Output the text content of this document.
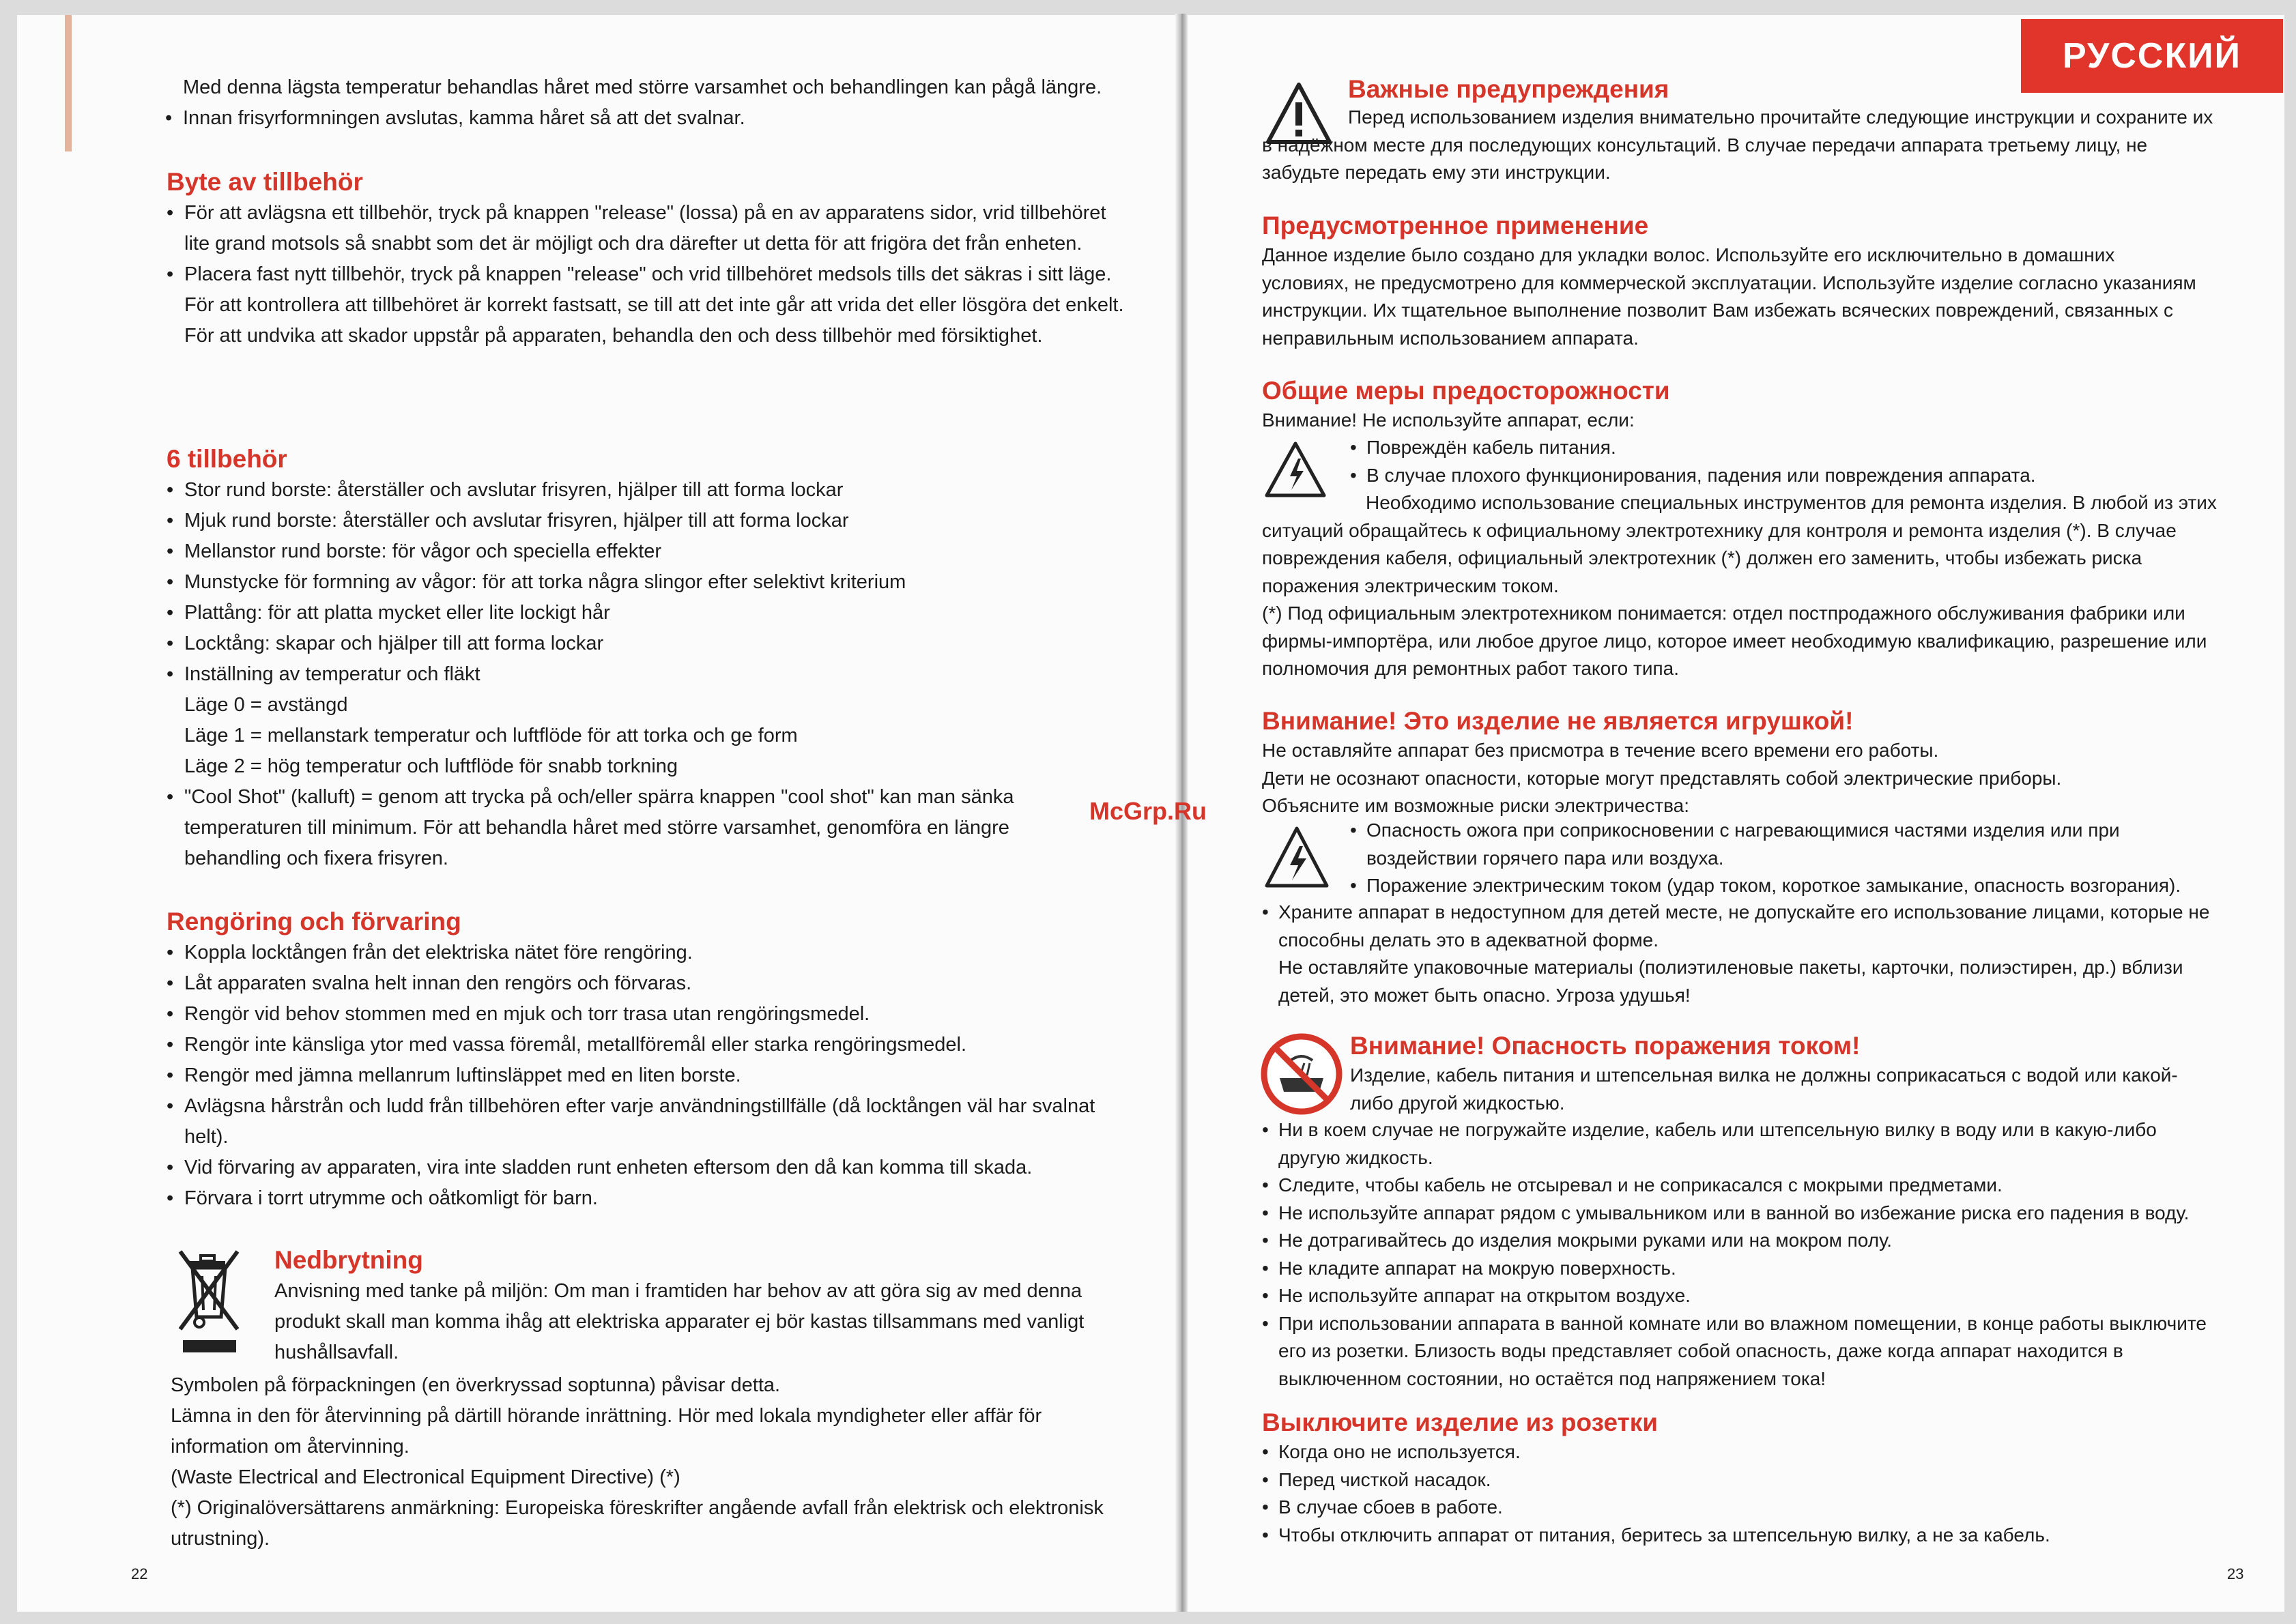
Med denna lägsta temperatur behandlas håret med större varsamhet och behandlingen kan pågå längre.
• Innan frisyrformningen avslutas, kamma håret så att det svalnar.
Byte av tillbehör
• För att avlägsna ett tillbehör, tryck på knappen "release" (lossa) på en av apparatens sidor, vrid tillbehöret lite grand motsols så snabbt som det är möjligt och dra därefter ut detta för att frigöra det från enheten.
• Placera fast nytt tillbehör, tryck på knappen "release" och vrid tillbehöret medsols tills det säkras i sitt läge. För att kontrollera att tillbehöret är korrekt fastsatt, se till att det inte går att vrida det eller lösgöra det enkelt. För att undvika att skador uppstår på apparaten, behandla den och dess tillbehör med försiktighet.
6 tillbehör
• Stor rund borste: återställer och avslutar frisyren, hjälper till att forma lockar
• Mjuk rund borste: återställer och avslutar frisyren, hjälper till att forma lockar
• Mellanstor rund borste: för vågor och speciella effekter
• Munstycke för formning av vågor: för att torka några slingor efter selektivt kriterium
• Plattång: för att platta mycket eller lite lockigt hår
• Locktång: skapar och hjälper till att forma lockar
• Inställning av temperatur och fläkt
Läge 0 = avstängd
Läge 1 = mellanstark temperatur och luftflöde för att torka och ge form
Läge 2 = hög temperatur och luftflöde för snabb torkning
• "Cool Shot" (kalluft) = genom att trycka på och/eller spärra knappen "cool shot" kan man sänka temperaturen till minimum. För att behandla håret med större varsamhet, genomföra en längre behandling och fixera frisyren.
Rengöring och förvaring
• Koppla locktången från det elektriska nätet före rengöring.
• Låt apparaten svalna helt innan den rengörs och förvaras.
• Rengör vid behov stommen med en mjuk och torr trasa utan rengöringsmedel.
• Rengör inte känsliga ytor med vassa föremål, metallföremål eller starka rengöringsmedel.
• Rengör med jämna mellanrum luftinsläppet med en liten borste.
• Avlägsna hårstrån och ludd från tillbehören efter varje användningstillfälle (då locktången väl har svalnat helt).
• Vid förvaring av apparaten, vira inte sladden runt enheten eftersom den då kan komma till skada.
• Förvara i torrt utrymme och oåtkomligt för barn.
Nedbrytning

Anvisning med tanke på miljön: Om man i framtiden har behov av att göra sig av med denna produkt skall man komma ihåg att elektriska apparater ej bör kastas tillsammans med vanligt hushållsavfall.

Symbolen på förpackningen (en överkryssad soptunna) påvisar detta.
Lämna in den för återvinning på därtill hörande inrättning. Hör med lokala myndigheter eller affär för information om återvinning.
(Waste Electrical and Electronical Equipment Directive) (*)
(*) Originalöversättarens anmärkning: Europeiska föreskrifter angående avfall från elektrisk och elektronisk utrustning).
22
McGrp.Ru
РУССКИЙ
Важные предупреждения

Перед использованием изделия внимательно прочитайте следующие инструкции и сохраните их в надёжном месте для последующих консультаций. В случае передачи аппарата третьему лицу, не забудьте передать ему эти инструкции.

Предусмотренное применение

Данное изделие было создано для укладки волос. Используйте его исключительно в домашних условиях, не предусмотрено для коммерческой эксплуатации. Используйте изделие согласно указаниям инструкции. Их тщательное выполнение позволит Вам избежать всяческих повреждений, связанных с неправильным использованием аппарата.

Общие меры предосторожности

Внимание! Не используйте аппарат, если:

• Повреждён кабель питания.
• В случае плохого функционирования, падения или повреждения аппарата.

Необходимо использование специальных инструментов для ремонта изделия. В любой из этих ситуаций обращайтесь к официальному электротехнику для контроля и ремонта изделия (*). В случае повреждения кабеля, официальный электротехник (*) должен его заменить, чтобы избежать риска поражения электрическим током.

(*) Под официальным электротехником понимается: отдел постпродажного обслуживания фабрики или фирмы-импортёра, или любое другое лицо, которое имеет необходимую квалификацию, разрешение или полномочия для ремонтных работ такого типа.

Внимание! Это изделие не является игрушкой!

Не оставляйте аппарат без присмотра в течение всего времени его работы.

Дети не осознают опасности, которые могут представлять собой электрические приборы.

Объясните им возможные риски электричества:

• Опасность ожога при соприкосновении с нагревающимися частями изделия или при воздействии горячего пара или воздуха.
• Поражение электрическим током (удар током, короткое замыкание, опасность возгорания).
• Храните аппарат в недоступном для детей месте, не допускайте его использование лицами, которые не способны делать это в адекватной форме.
Не оставляйте упаковочные материалы (полиэтиленовые пакеты, карточки, полиэстирен, др.) вблизи детей, это может быть опасно. Угроза удушья!
Внимание! Опасность поражения током!

Изделие, кабель питания и штепсельная вилка не должны соприкасаться с водой или какой-либо другой жидкостью.

• Ни в коем случае не погружайте изделие, кабель или штепсельную вилку в воду или в какую-либо другую жидкость.
• Следите, чтобы кабель не отсыревал и не соприкасался с мокрыми предметами.
• Не используйте аппарат рядом с умывальником или в ванной во избежание риска его падения в воду.
• Не дотрагивайтесь до изделия мокрыми руками или на мокром полу.
• Не кладите аппарат на мокрую поверхность.
• Не используйте аппарат на открытом воздухе.
• При использовании аппарата в ванной комнате или во влажном помещении, в конце работы выключите его из розетки. Близость воды представляет собой опасность, даже когда аппарат находится в выключенном состоянии, но остаётся под напряжением тока!
Выключите изделие из розетки
• Когда оно не используется.
• Перед чисткой насадок.
• В случае сбоев в работе.
• Чтобы отключить аппарат от питания, беритесь за штепсельную вилку, а не за кабель.
23
